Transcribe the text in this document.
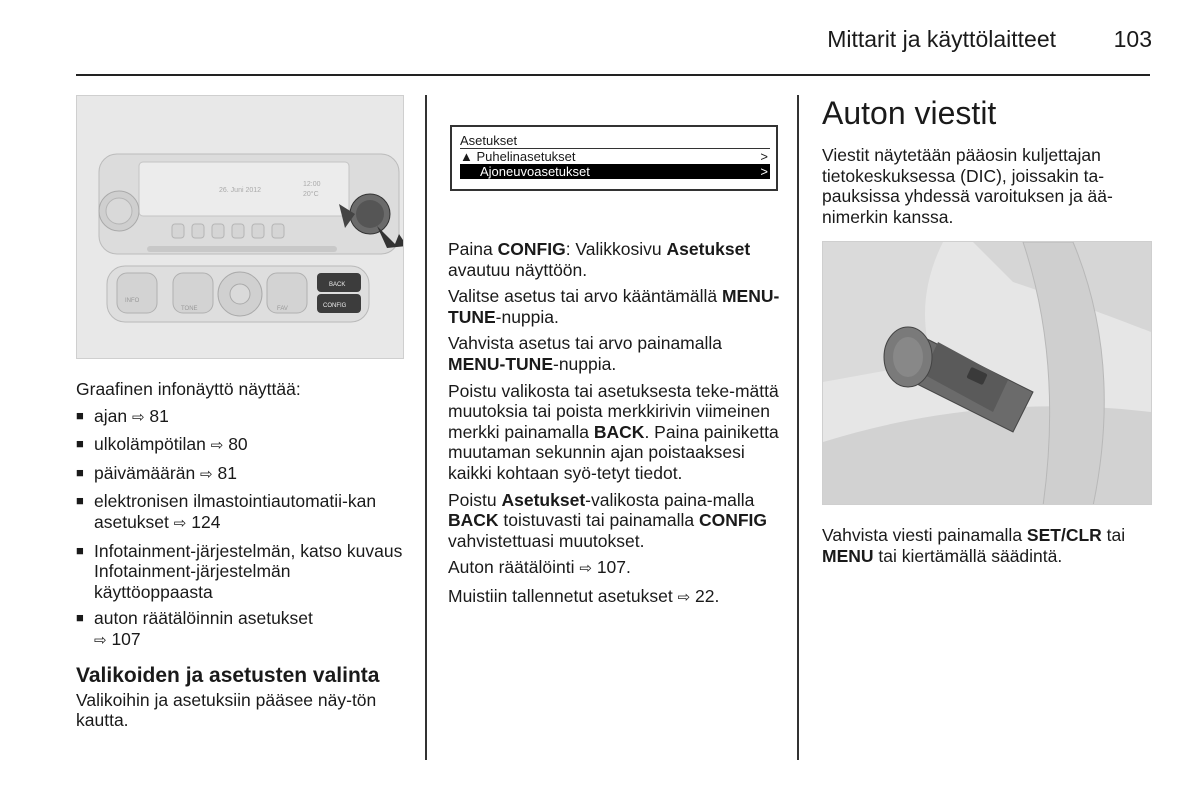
Mittarit ja käyttölaitteet	103
26. Juni 2012
12:00
20°C
INFO
TONE	FAV
BACK
CONFIG

Graafinen infonäyttö näyttää:

■ ajan ⇨ 81
■ ulkolämpötilan ⇨ 80
■ päivämäärän ⇨ 81
■ elektronisen ilmastointiautomatii-kan asetukset ⇨ 124
■ Infotainment-järjestelmän, katso kuvaus Infotainment-järjestelmän käyttöoppaasta
■ auton räätälöinnin asetukset
⇨ 107
Valikoiden ja asetusten valinta

Valikoihin ja asetuksiin pääsee näy-tön kautta.

Asetukset
▲ Puhelinasetukset	>
Ajoneuvoasetukset	>

Paina CONFIG: Valikkosivu Asetukset avautuu näyttöön.

Valitse asetus tai arvo kääntämällä MENU-TUNE-nuppia.

Vahvista asetus tai arvo painamalla MENU-TUNE-nuppia.

Poistu valikosta tai asetuksesta teke-mättä muutoksia tai poista merkkirivin viimeinen merkki painamalla BACK. Paina painiketta muutaman sekunnin ajan poistaaksesi kaikki kohtaan syö-tetyt tiedot.

Poistu Asetukset-valikosta paina-malla BACK toistuvasti tai painamalla CONFIG vahvistettuasi muutokset.

Auton räätälöinti ⇨ 107.

Muistiin tallennetut asetukset ⇨ 22.

Auton viestit

Viestit näytetään pääosin kuljettajan tietokeskuksessa (DIC), joissakin ta-pauksissa yhdessä varoituksen ja ää-nimerkin kanssa.

Vahvista viesti painamalla SET/CLR tai MENU tai kiertämällä säädintä.
